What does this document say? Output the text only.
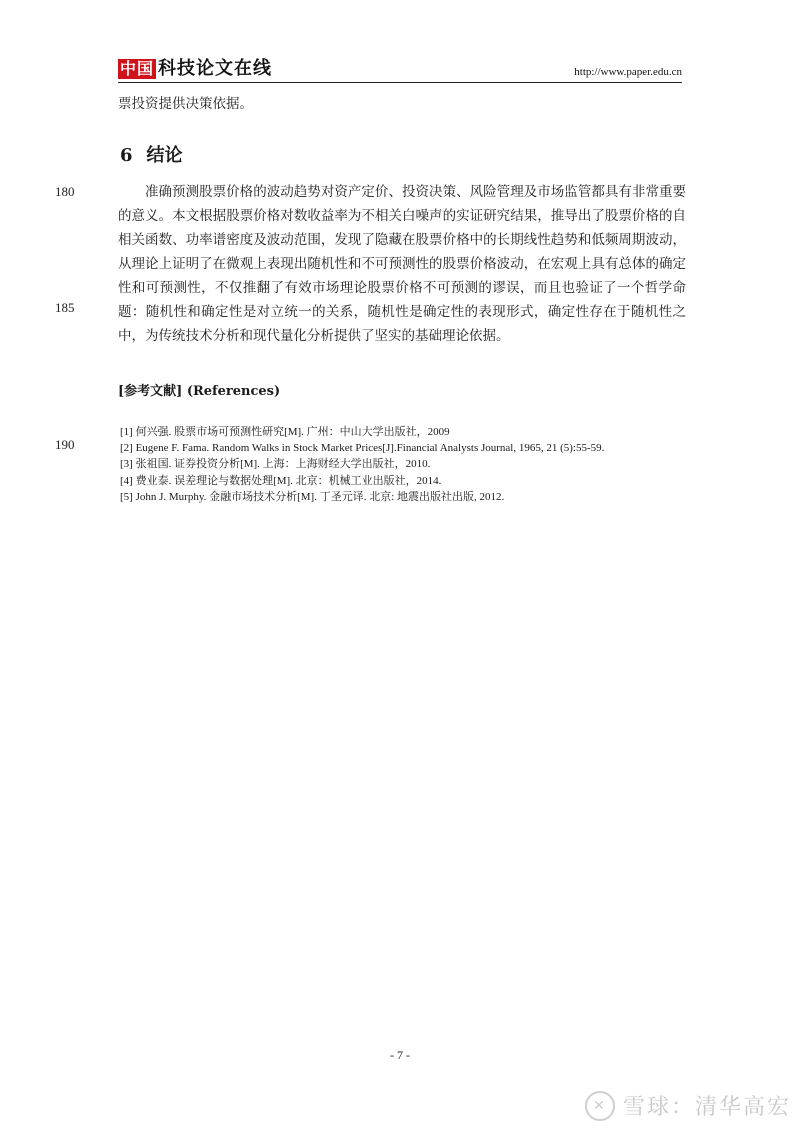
中国 科技论文在线	http://www.paper.edu.cn
票投资提供决策依据。
6 结论
180
185
190
准确预测股票价格的波动趋势对资产定价、投资决策、风险管理及市场监管都具有非常重要的意义。本文根据股票价格对数收益率为不相关白噪声的实证研究结果，推导出了股票价格的自相关函数、功率谱密度及波动范围，发现了隐藏在股票价格中的长期线性趋势和低频周期波动，从理论上证明了在微观上表现出随机性和不可预测性的股票价格波动，在宏观上具有总体的确定性和可预测性，不仅推翻了有效市场理论股票价格不可预测的谬误，而且也验证了一个哲学命题：随机性和确定性是对立统一的关系，随机性是确定性的表现形式，确定性存在于随机性之中，为传统技术分析和现代量化分析提供了坚实的基础理论依据。
[参考文献] (References)
[1] 何兴强. 股票市场可预测性研究[M]. 广州：中山大学出版社，2009
[2] Eugene F. Fama. Random Walks in Stock Market Prices[J].Financial Analysts Journal, 1965, 21 (5):55-59.
[3] 张祖国. 证券投资分析[M]. 上海：上海财经大学出版社，2010.
[4] 费业泰. 误差理论与数据处理[M]. 北京：机械工业出版社，2014.
[5] John J. Murphy. 金融市场技术分析[M]. 丁圣元译. 北京: 地震出版社出版, 2012.
- 7 -
✕ 雪球：清华高宏
